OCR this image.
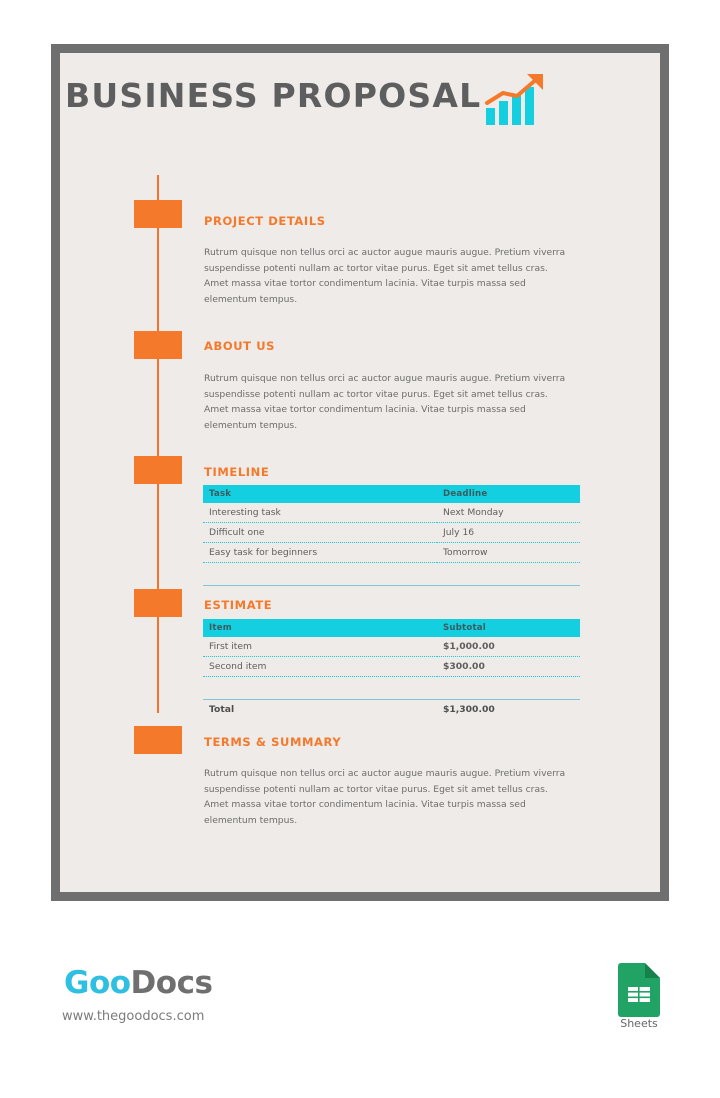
BUSINESS PROPOSAL
PROJECT DETAILS
Rutrum quisque non tellus orci ac auctor augue mauris augue. Pretium viverra suspendisse potenti nullam ac tortor vitae purus. Eget sit amet tellus cras. Amet massa vitae tortor condimentum lacinia. Vitae turpis massa sed elementum tempus.
ABOUT US
Rutrum quisque non tellus orci ac auctor augue mauris augue. Pretium viverra suspendisse potenti nullam ac tortor vitae purus. Eget sit amet tellus cras. Amet massa vitae tortor condimentum lacinia. Vitae turpis massa sed elementum tempus.
TIMELINE
Task	Deadline
Interesting task	Next Monday
Difficult one	July 16
Easy task for beginners	Tomorrow

ESTIMATE
Item	Subtotal
First item	$1,000.00
Second item	$300.00

Total	$1,300.00
TERMS & SUMMARY
Rutrum quisque non tellus orci ac auctor augue mauris augue. Pretium viverra suspendisse potenti nullam ac tortor vitae purus. Eget sit amet tellus cras. Amet massa vitae tortor condimentum lacinia. Vitae turpis massa sed elementum tempus.
GooDocs
www.thegoodocs.com	Sheets
